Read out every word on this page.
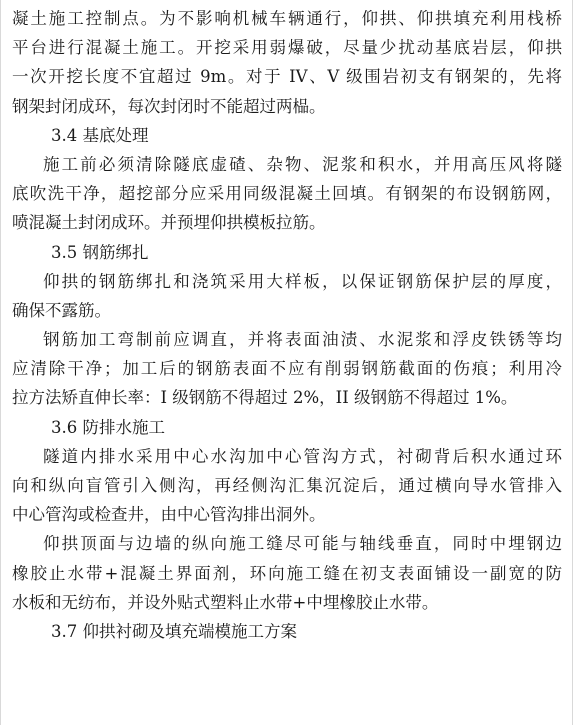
凝土施工控制点。为不影响机械车辆通行，仰拱、仰拱填充利用栈桥
平台进行混凝土施工。开挖采用弱爆破，尽量少扰动基底岩层，仰拱
一次开挖长度不宜超过 9m。对于 IV、V 级围岩初支有钢架的，先将
钢架封闭成环，每次封闭时不能超过两榀。
3.4 基底处理
施工前必须清除隧底虚碴、杂物、泥浆和积水，并用高压风将隧
底吹洗干净，超挖部分应采用同级混凝土回填。有钢架的布设钢筋网，
喷混凝土封闭成环。并预埋仰拱模板拉筋。
3.5 钢筋绑扎
仰拱的钢筋绑扎和浇筑采用大样板，以保证钢筋保护层的厚度，
确保不露筋。
钢筋加工弯制前应调直，并将表面油渍、水泥浆和浮皮铁锈等均
应清除干净；加工后的钢筋表面不应有削弱钢筋截面的伤痕；利用冷
拉方法矫直伸长率：I 级钢筋不得超过 2%，II 级钢筋不得超过 1%。
3.6 防排水施工
隧道内排水采用中心水沟加中心管沟方式，衬砌背后积水通过环
向和纵向盲管引入侧沟，再经侧沟汇集沉淀后，通过横向导水管排入
中心管沟或检查井，由中心管沟排出洞外。
仰拱顶面与边墙的纵向施工缝尽可能与轴线垂直，同时中埋钢边
橡胶止水带+混凝土界面剂，环向施工缝在初支表面铺设一副宽的防
水板和无纺布，并设外贴式塑料止水带+中埋橡胶止水带。
3.7 仰拱衬砌及填充端模施工方案
